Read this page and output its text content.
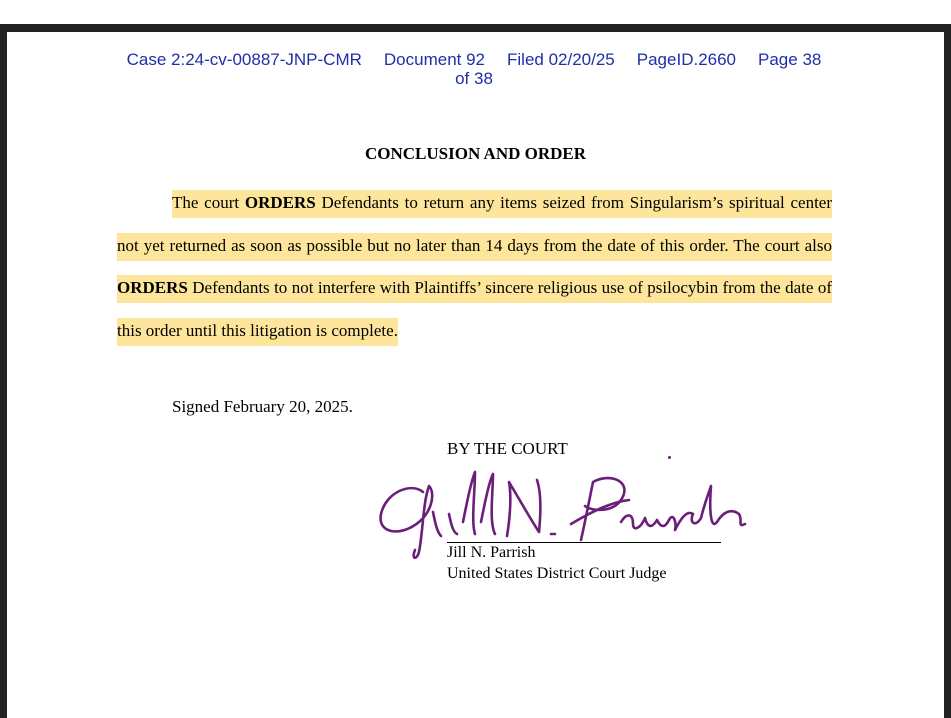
Case 2:24-cv-00887-JNP-CMR Document 92 Filed 02/20/25 PageID.2660 Page 38
of 38
CONCLUSION AND ORDER
The court ORDERS Defendants to return any items seized from Singularism’s spiritual center not yet returned as soon as possible but no later than 14 days from the date of this order. The court also ORDERS Defendants to not interfere with Plaintiffs’ sincere religious use of psilocybin from the date of this order until this litigation is complete.
Signed February 20, 2025.
BY THE COURT
Jill N. Parrish
United States District Court Judge
